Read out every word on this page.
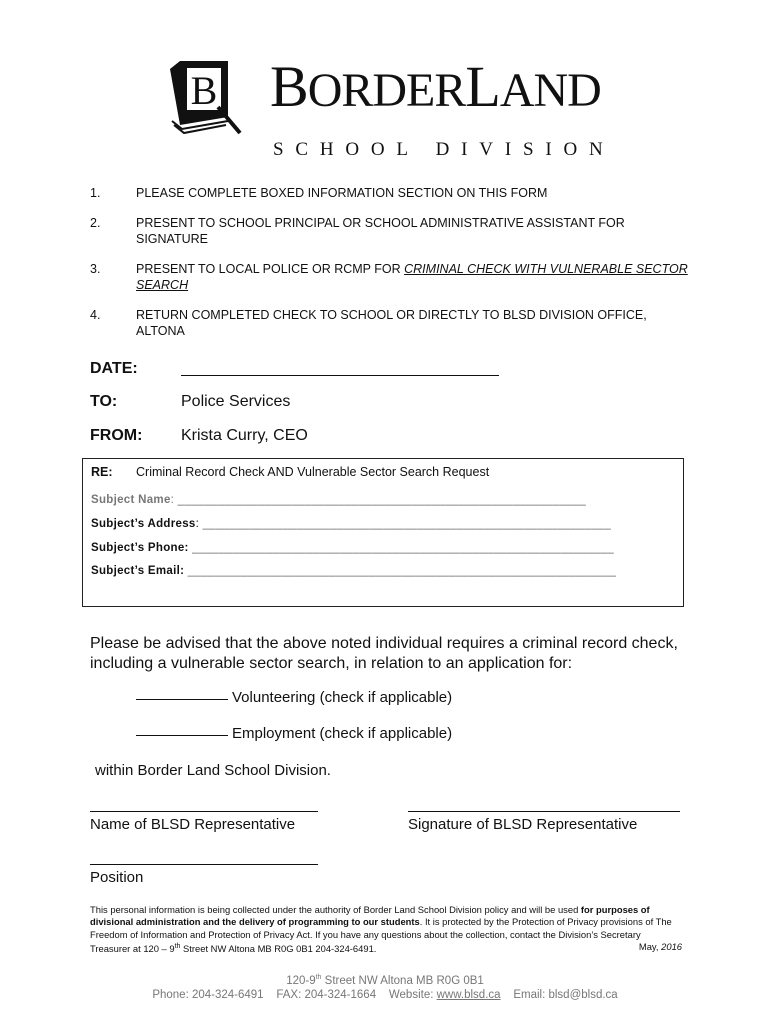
B BORDERLAND
SCHOOL DIVISION
1.	PLEASE COMPLETE BOXED INFORMATION SECTION ON THIS FORM
2.	PRESENT TO SCHOOL PRINCIPAL OR SCHOOL ADMINISTRATIVE ASSISTANT FOR SIGNATURE
3.	PRESENT TO LOCAL POLICE OR RCMP FOR CRIMINAL CHECK WITH VULNERABLE SECTOR SEARCH
4.	RETURN COMPLETED CHECK TO SCHOOL OR DIRECTLY TO BLSD DIVISION OFFICE, ALTONA
DATE:
TO:	Police Services
FROM: Krista Curry, CEO
RE: Criminal Record Check AND Vulnerable Sector Search Request
Subject Name: _____________________________________________________________
Subject’s Address: _____________________________________________________________
Subject’s Phone: _______________________________________________________________
Subject’s Email: ________________________________________________________________
Please be advised that the above noted individual requires a criminal record check, including a vulnerable sector search, in relation to an application for:
Volunteering (check if applicable)
Employment (check if applicable)
within Border Land School Division.
Name of BLSD Representative	Signature of BLSD Representative
Position
This personal information is being collected under the authority of Border Land School Division policy and will be used for purposes of divisional administration and the delivery of programming to our students. It is protected by the Protection of Privacy provisions of The Freedom of Information and Protection of Privacy Act. If you have any questions about the collection, contact the Division’s Secretary Treasurer at 120 – 9th Street NW Altona MB R0G 0B1 204-324-6491.	May, 2016
120-9th Street NW Altona MB R0G 0B1
Phone: 204-324-6491 FAX: 204-324-1664 Website: www.blsd.ca Email: blsd@blsd.ca
